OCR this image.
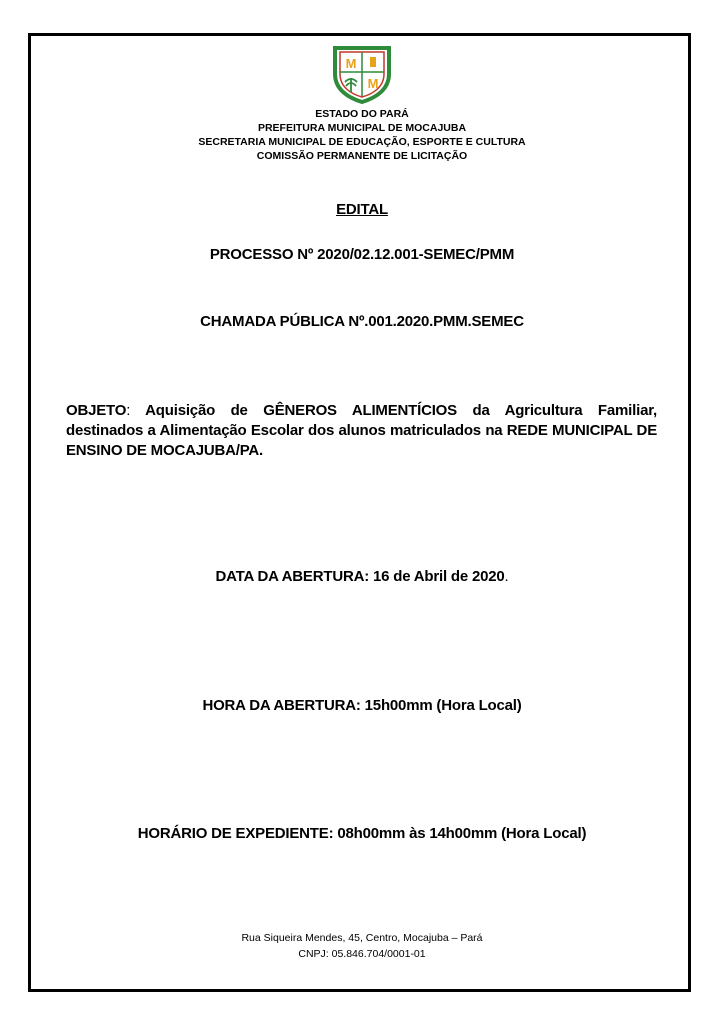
M
M
ESTADO DO PARÁ
PREFEITURA MUNICIPAL DE MOCAJUBA
SECRETARIA MUNICIPAL DE EDUCAÇÃO, ESPORTE E CULTURA
COMISSÃO PERMANENTE DE LICITAÇÃO
EDITAL
PROCESSO Nº 2020/02.12.001-SEMEC/PMM
CHAMADA PÚBLICA Nº.001.2020.PMM.SEMEC
OBJETO: Aquisição de GÊNEROS ALIMENTÍCIOS da Agricultura Familiar, destinados a Alimentação Escolar dos alunos matriculados na REDE MUNICIPAL DE ENSINO DE MOCAJUBA/PA.
DATA DA ABERTURA: 16 de Abril de 2020.
HORA DA ABERTURA: 15h00mm (Hora Local)
HORÁRIO DE EXPEDIENTE: 08h00mm às 14h00mm (Hora Local)
Rua Siqueira Mendes, 45, Centro, Mocajuba – Pará
CNPJ: 05.846.704/0001-01
